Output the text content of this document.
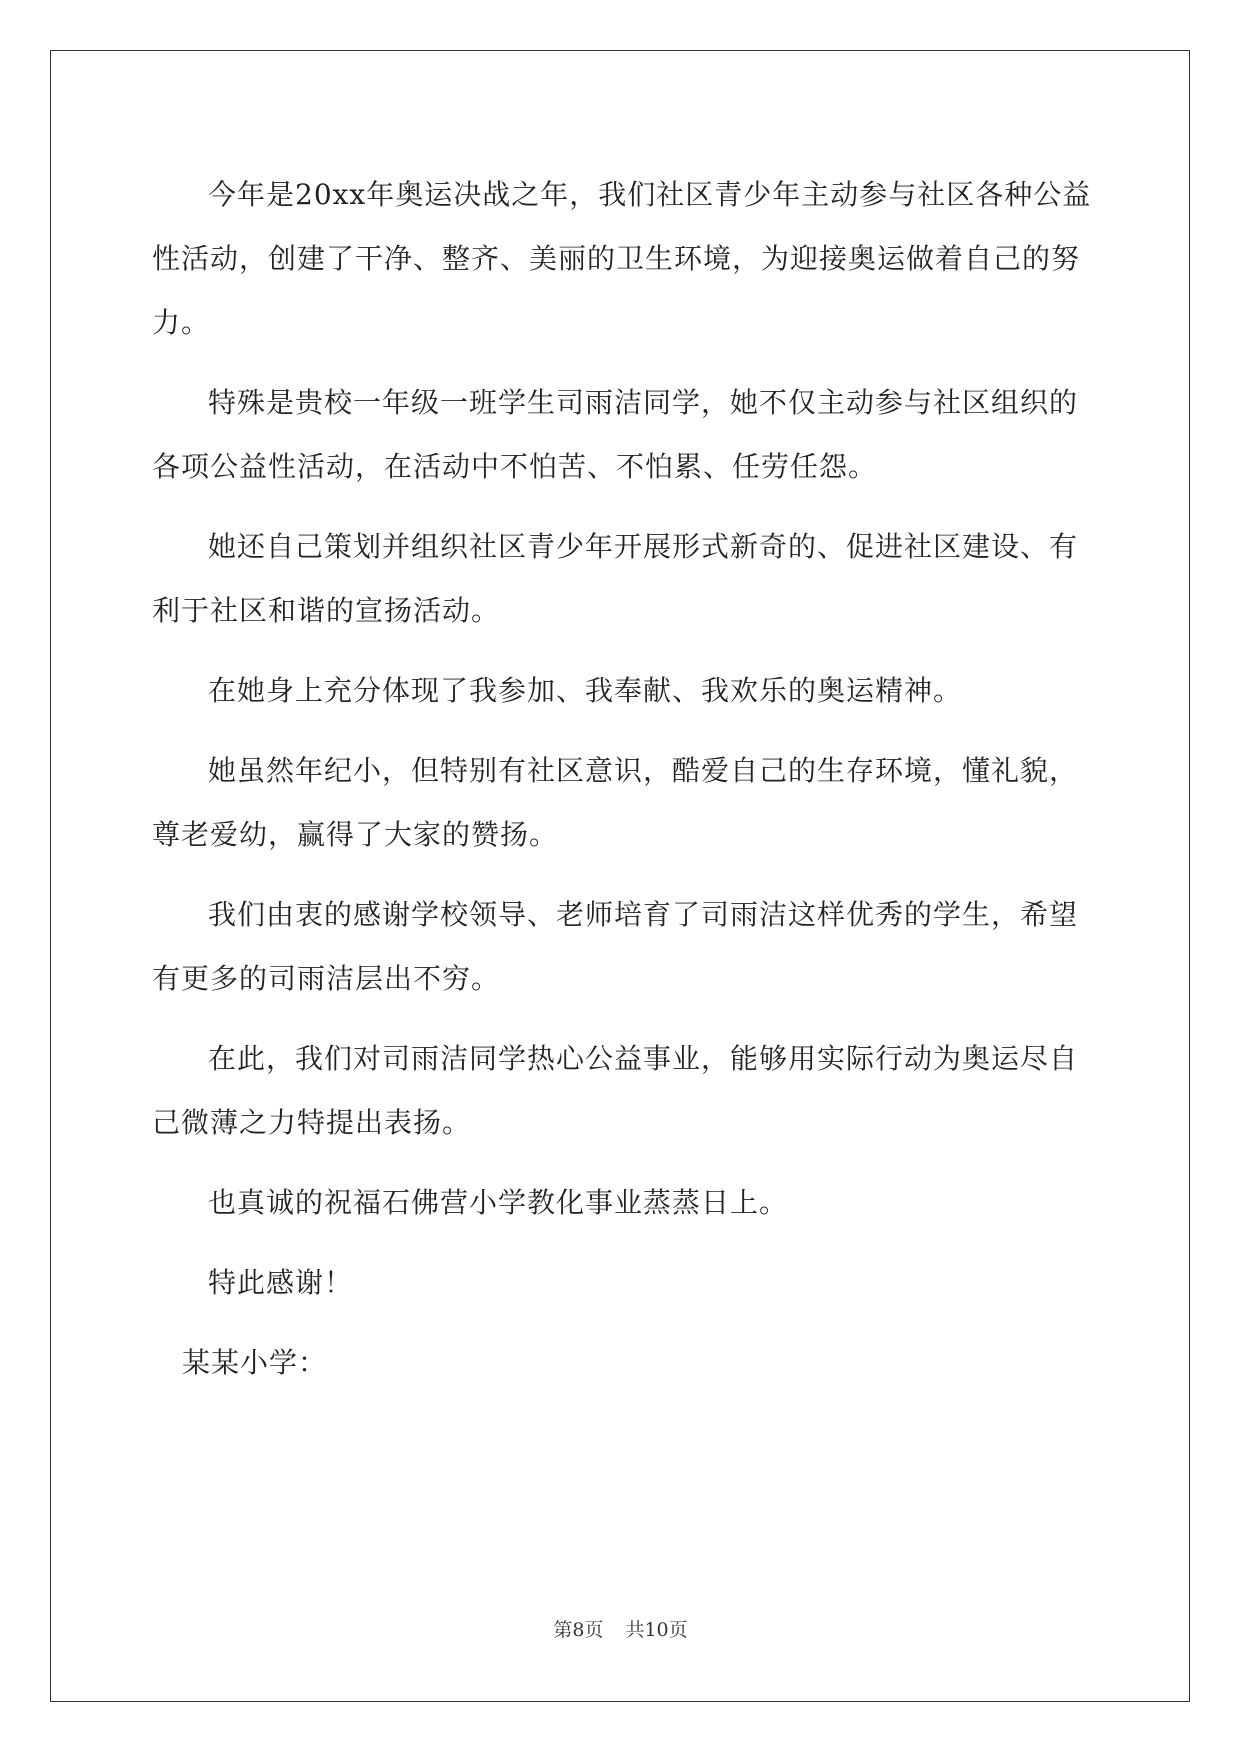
今年是20xx年奥运决战之年，我们社区青少年主动参与社区各种公益性活动，创建了干净、整齐、美丽的卫生环境，为迎接奥运做着自己的努力。

特殊是贵校一年级一班学生司雨洁同学，她不仅主动参与社区组织的各项公益性活动，在活动中不怕苦、不怕累、任劳任怨。

她还自己策划并组织社区青少年开展形式新奇的、促进社区建设、有利于社区和谐的宣扬活动。

在她身上充分体现了我参加、我奉献、我欢乐的奥运精神。

她虽然年纪小，但特别有社区意识，酷爱自己的生存环境，懂礼貌，尊老爱幼，赢得了大家的赞扬。

我们由衷的感谢学校领导、老师培育了司雨洁这样优秀的学生，希望有更多的司雨洁层出不穷。

在此，我们对司雨洁同学热心公益事业，能够用实际行动为奥运尽自己微薄之力特提出表扬。

也真诚的祝福石佛营小学教化事业蒸蒸日上。

特此感谢！

某某小学：

第8页 共10页
